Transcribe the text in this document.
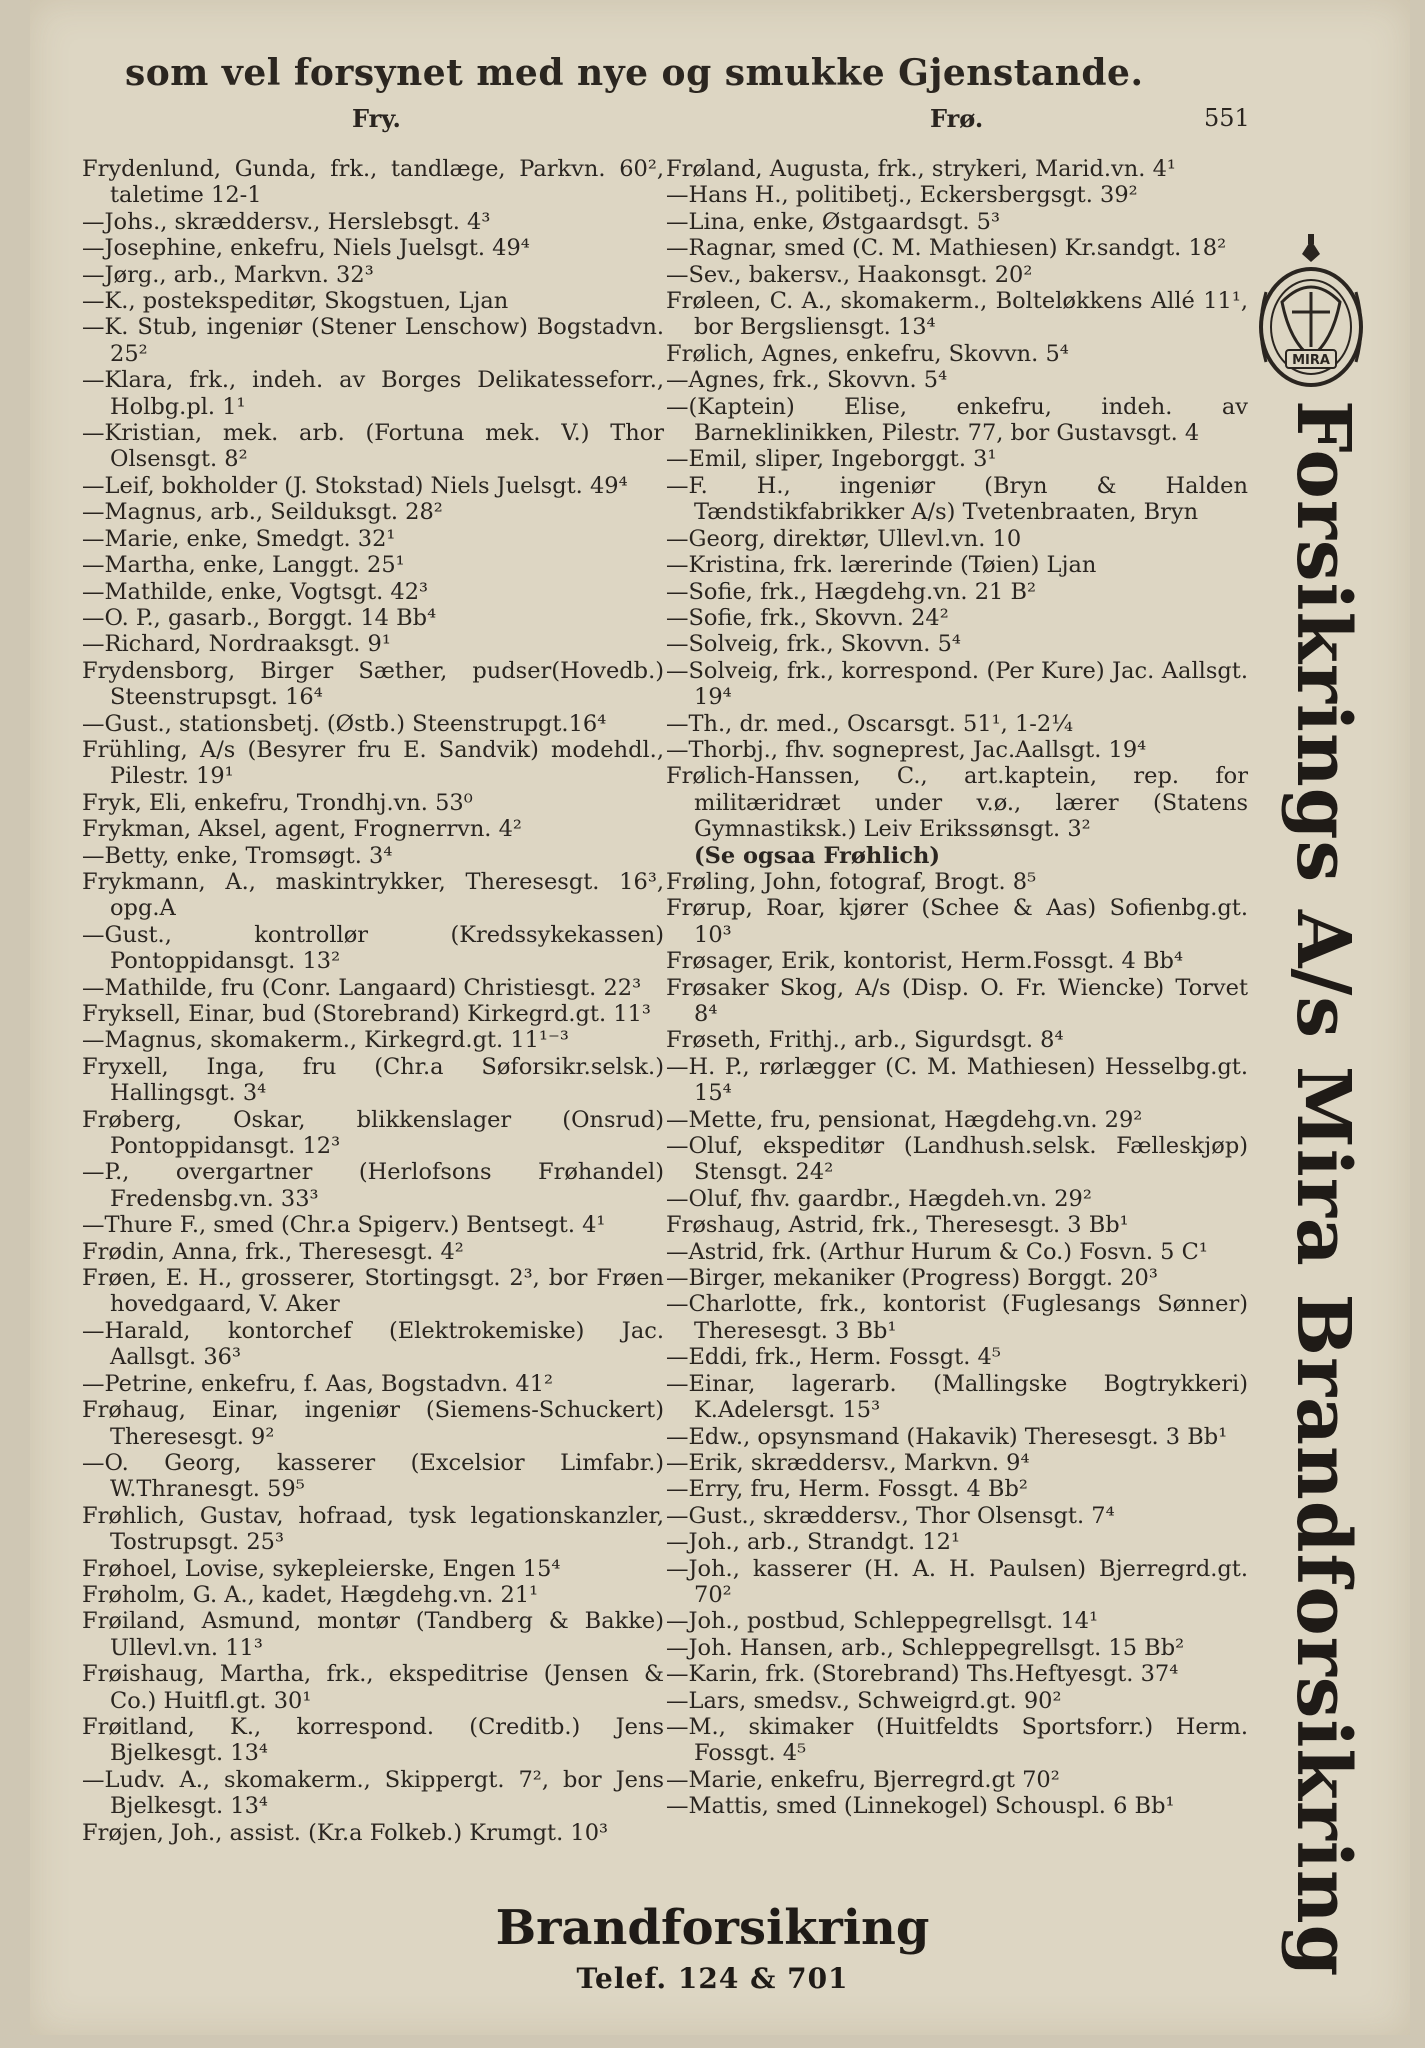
som vel forsynet med nye og smukke Gjenstande.
Fry.	Frø.	551
Frydenlund, Gunda, frk., tandlæge, Parkvn. 60², taletime 12-1
—Johs., skræddersv., Herslebsgt. 4³
—Josephine, enkefru, Niels Juelsgt. 49⁴
—Jørg., arb., Markvn. 32³
—K., postekspeditør, Skogstuen, Ljan
—K. Stub, ingeniør (Stener Lenschow) Bogstadvn. 25²
—Klara, frk., indeh. av Borges Delikatesseforr., Holbg.pl. 1¹
—Kristian, mek. arb. (Fortuna mek. V.) Thor Olsensgt. 8²
—Leif, bokholder (J. Stokstad) Niels Juelsgt. 49⁴
—Magnus, arb., Seilduksgt. 28²
—Marie, enke, Smedgt. 32¹
—Martha, enke, Langgt. 25¹
—Mathilde, enke, Vogtsgt. 42³
—O. P., gasarb., Borggt. 14 Bb⁴
—Richard, Nordraaksgt. 9¹
Frydensborg, Birger Sæther, pudser(Hovedb.) Steenstrupsgt. 16⁴
—Gust., stationsbetj. (Østb.) Steenstrupgt.16⁴
Frühling, A/s (Besyrer fru E. Sandvik) modehdl., Pilestr. 19¹
Fryk, Eli, enkefru, Trondhj.vn. 53⁰
Frykman, Aksel, agent, Frognerrvn. 4²
—Betty, enke, Tromsøgt. 3⁴
Frykmann, A., maskintrykker, Theresesgt. 16³, opg.A
—Gust., kontrollør (Kredssykekassen) Pontoppidansgt. 13²
—Mathilde, fru (Conr. Langaard) Christiesgt. 22³
Fryksell, Einar, bud (Storebrand) Kirkegrd.gt. 11³
—Magnus, skomakerm., Kirkegrd.gt. 11¹⁻³
Fryxell, Inga, fru (Chr.a Søforsikr.selsk.) Hallingsgt. 3⁴
Frøberg, Oskar, blikkenslager (Onsrud) Pontoppidansgt. 12³
—P., overgartner (Herlofsons Frøhandel) Fredensbg.vn. 33³
—Thure F., smed (Chr.a Spigerv.) Bentsegt. 4¹
Frødin, Anna, frk., Theresesgt. 4²
Frøen, E. H., grosserer, Stortingsgt. 2³, bor Frøen hovedgaard, V. Aker
—Harald, kontorchef (Elektrokemiske) Jac. Aallsgt. 36³
—Petrine, enkefru, f. Aas, Bogstadvn. 41²
Frøhaug, Einar, ingeniør (Siemens-Schuckert) Theresesgt. 9²
—O. Georg, kasserer (Excelsior Limfabr.) W.Thranesgt. 59⁵
Frøhlich, Gustav, hofraad, tysk legationskanzler, Tostrupsgt. 25³
Frøhoel, Lovise, sykepleierske, Engen 15⁴
Frøholm, G. A., kadet, Hægdehg.vn. 21¹
Frøiland, Asmund, montør (Tandberg & Bakke) Ullevl.vn. 11³
Frøishaug, Martha, frk., ekspeditrise (Jensen & Co.) Huitfl.gt. 30¹
Frøitland, K., korrespond. (Creditb.) Jens Bjelkesgt. 13⁴
—Ludv. A., skomakerm., Skippergt. 7², bor Jens Bjelkesgt. 13⁴
Frøjen, Joh., assist. (Kr.a Folkeb.) Krumgt. 10³
Frøland, Augusta, frk., strykeri, Marid.vn. 4¹
—Hans H., politibetj., Eckersbergsgt. 39²
—Lina, enke, Østgaardsgt. 5³
—Ragnar, smed (C. M. Mathiesen) Kr.sandgt. 18²
—Sev., bakersv., Haakonsgt. 20²
Frøleen, C. A., skomakerm., Bolteløkkens Allé 11¹, bor Bergsliensgt. 13⁴
Frølich, Agnes, enkefru, Skovvn. 5⁴
—Agnes, frk., Skovvn. 5⁴
—(Kaptein) Elise, enkefru, indeh. av Barneklinikken, Pilestr. 77, bor Gustavsgt. 4
—Emil, sliper, Ingeborggt. 3¹
—F. H., ingeniør (Bryn & Halden Tændstikfabrikker A/s) Tvetenbraaten, Bryn
—Georg, direktør, Ullevl.vn. 10
—Kristina, frk. lærerinde (Tøien) Ljan
—Sofie, frk., Hægdehg.vn. 21 B²
—Sofie, frk., Skovvn. 24²
—Solveig, frk., Skovvn. 5⁴
—Solveig, frk., korrespond. (Per Kure) Jac. Aallsgt. 19⁴
—Th., dr. med., Oscarsgt. 51¹, 1-2¼
—Thorbj., fhv. sogneprest, Jac.Aallsgt. 19⁴
Frølich-Hanssen, C., art.kaptein, rep. for militæridræt under v.ø., lærer (Statens Gymnastiksk.) Leiv Erikssønsgt. 3²
(Se ogsaa Frøhlich)
Frøling, John, fotograf, Brogt. 8⁵
Frørup, Roar, kjører (Schee & Aas) Sofienbg.gt. 10³
Frøsager, Erik, kontorist, Herm.Fossgt. 4 Bb⁴
Frøsaker Skog, A/s (Disp. O. Fr. Wiencke) Torvet 8⁴
Frøseth, Frithj., arb., Sigurdsgt. 8⁴
—H. P., rørlægger (C. M. Mathiesen) Hesselbg.gt. 15⁴
—Mette, fru, pensionat, Hægdehg.vn. 29²
—Oluf, ekspeditør (Landhush.selsk. Fælleskjøp) Stensgt. 24²
—Oluf, fhv. gaardbr., Hægdeh.vn. 29²
Frøshaug, Astrid, frk., Theresesgt. 3 Bb¹
—Astrid, frk. (Arthur Hurum & Co.) Fosvn. 5 C¹
—Birger, mekaniker (Progress) Borggt. 20³
—Charlotte, frk., kontorist (Fuglesangs Sønner) Theresesgt. 3 Bb¹
—Eddi, frk., Herm. Fossgt. 4⁵
—Einar, lagerarb. (Mallingske Bogtrykkeri) K.Adelersgt. 15³
—Edw., opsynsmand (Hakavik) Theresesgt. 3 Bb¹
—Erik, skræddersv., Markvn. 9⁴
—Erry, fru, Herm. Fossgt. 4 Bb²
—Gust., skræddersv., Thor Olsensgt. 7⁴
—Joh., arb., Strandgt. 12¹
—Joh., kasserer (H. A. H. Paulsen) Bjerregrd.gt. 70²
—Joh., postbud, Schleppegrellsgt. 14¹
—Joh. Hansen, arb., Schleppegrellsgt. 15 Bb²
—Karin, frk. (Storebrand) Ths.Heftyesgt. 37⁴
—Lars, smedsv., Schweigrd.gt. 90²
—M., skimaker (Huitfeldts Sportsforr.) Herm. Fossgt. 4⁵
—Marie, enkefru, Bjerregrd.gt 70²
—Mattis, smed (Linnekogel) Schouspl. 6 Bb¹
MIRA
Forsikrings A/s Mira Brandforsikring
Brandforsikring
Telef. 124 & 701
